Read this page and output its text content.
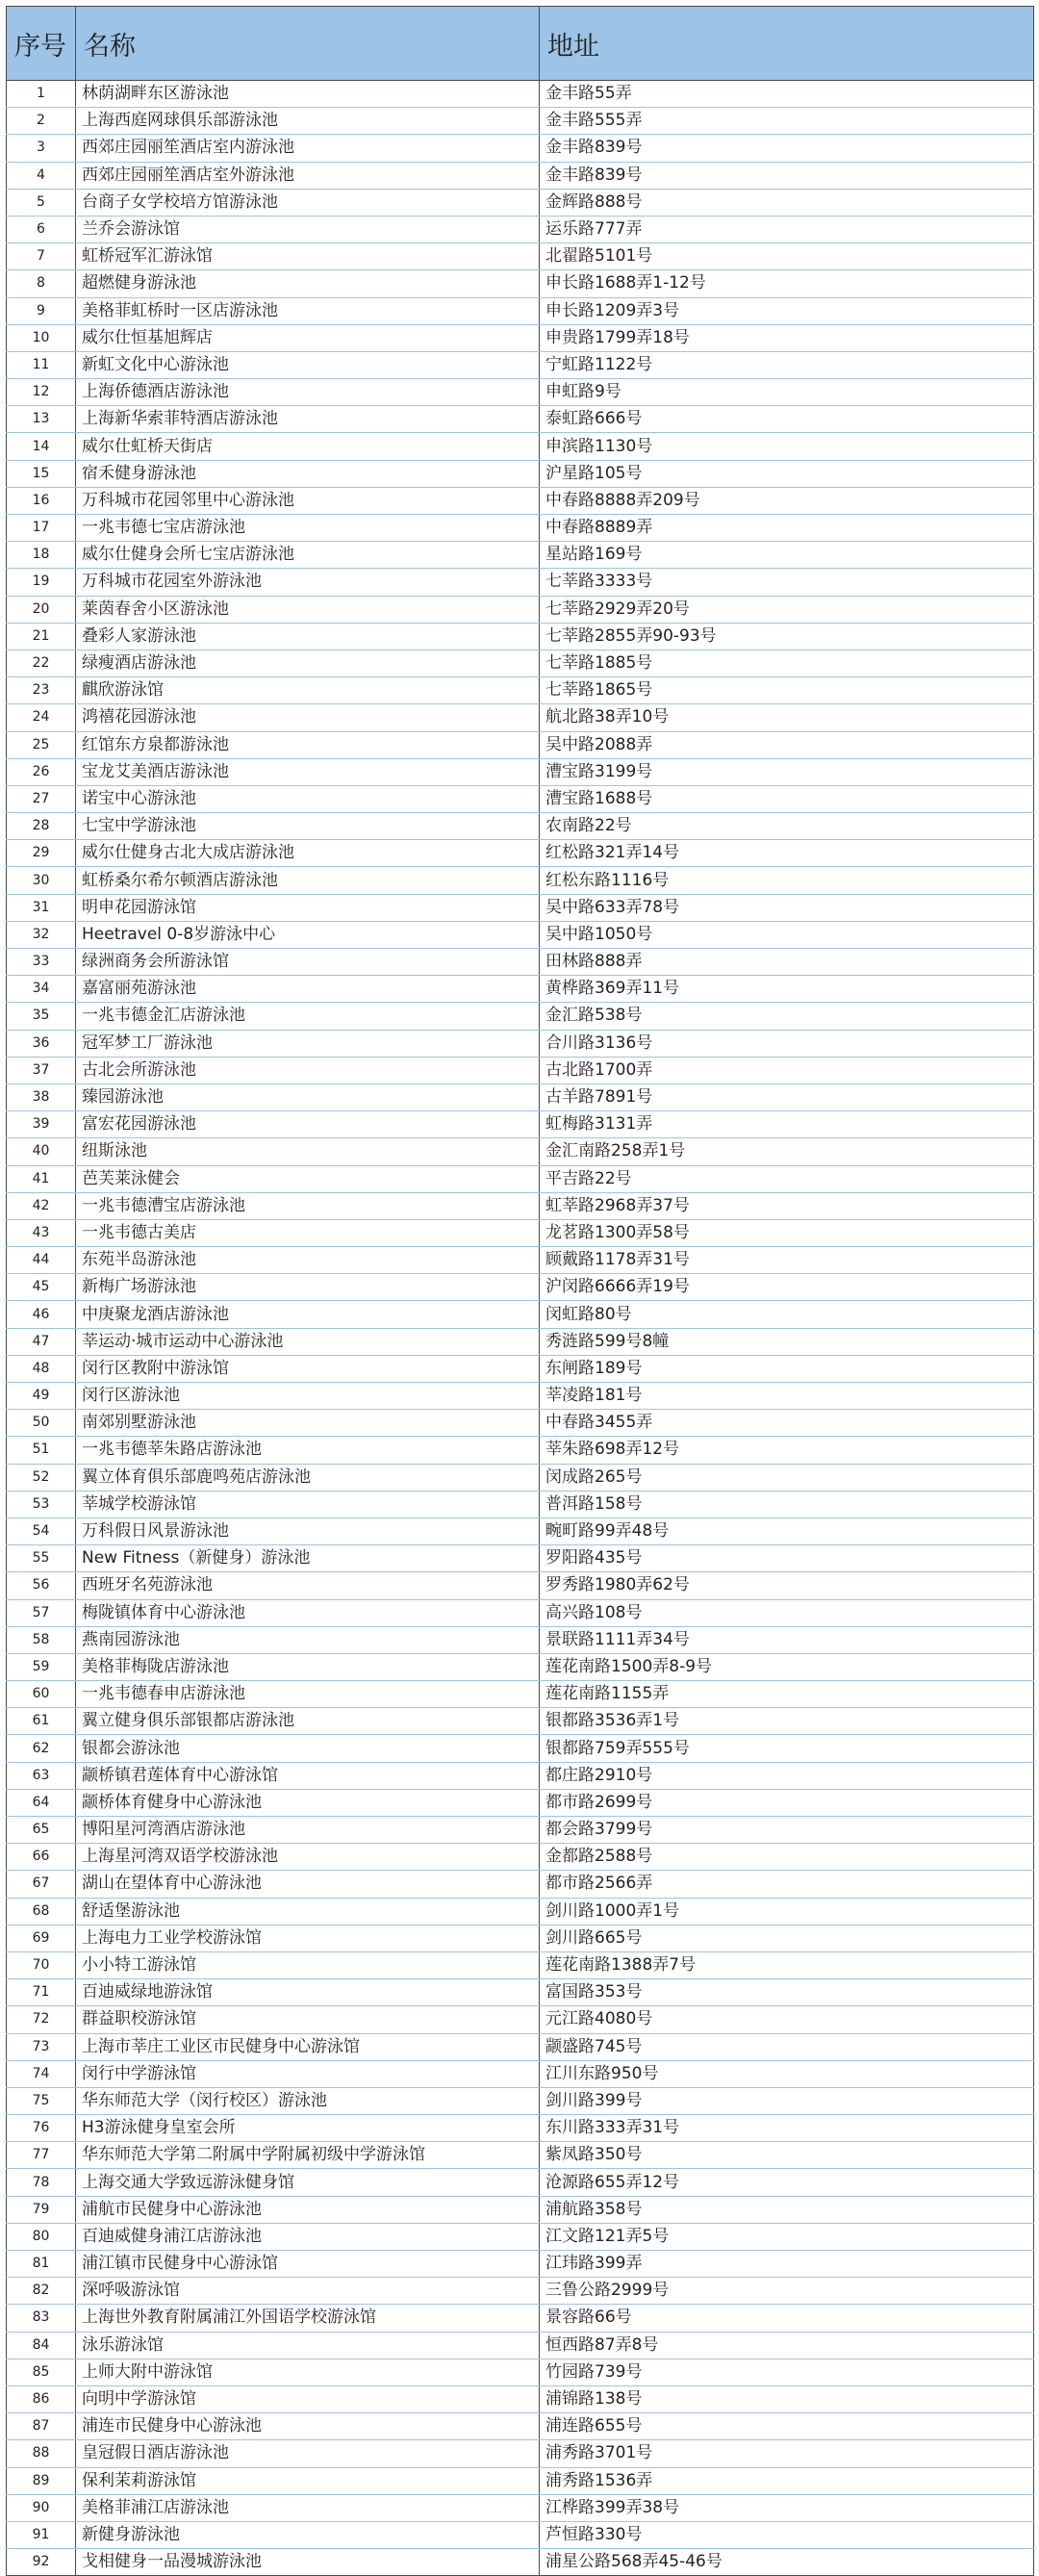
序号	名称	地址
1	林荫湖畔东区游泳池	金丰路55弄
2	上海西庭网球俱乐部游泳池	金丰路555弄
3	西郊庄园丽笙酒店室内游泳池	金丰路839号
4	西郊庄园丽笙酒店室外游泳池	金丰路839号
5	台商子女学校培方馆游泳池	金辉路888号
6	兰乔会游泳馆	运乐路777弄
7	虹桥冠军汇游泳馆	北翟路5101号
8	超燃健身游泳池	申长路1688弄1-12号
9	美格菲虹桥时一区店游泳池	申长路1209弄3号
10	威尔仕恒基旭辉店	申贵路1799弄18号
11	新虹文化中心游泳池	宁虹路1122号
12	上海侨德酒店游泳池	申虹路9号
13	上海新华索菲特酒店游泳池	泰虹路666号
14	威尔仕虹桥天街店	申滨路1130号
15	宿禾健身游泳池	沪星路105号
16	万科城市花园邻里中心游泳池	中春路8888弄209号
17	一兆韦德七宝店游泳池	中春路8889弄
18	威尔仕健身会所七宝店游泳池	星站路169号
19	万科城市花园室外游泳池	七莘路3333号
20	莱茵春舍小区游泳池	七莘路2929弄20号
21	叠彩人家游泳池	七莘路2855弄90-93号
22	绿瘦酒店游泳池	七莘路1885号
23	麒欣游泳馆	七莘路1865号
24	鸿禧花园游泳池	航北路38弄10号
25	红馆东方泉都游泳池	吴中路2088弄
26	宝龙艾美酒店游泳池	漕宝路3199号
27	诺宝中心游泳池	漕宝路1688号
28	七宝中学游泳池	农南路22号
29	威尔仕健身古北大成店游泳池	红松路321弄14号
30	虹桥桑尔希尔顿酒店游泳池	红松东路1116号
31	明申花园游泳馆	吴中路633弄78号
32	Heetravel 0-8岁游泳中心	吴中路1050号
33	绿洲商务会所游泳馆	田林路888弄
34	嘉富丽苑游泳池	黄桦路369弄11号
35	一兆韦德金汇店游泳池	金汇路538号
36	冠军梦工厂游泳池	合川路3136号
37	古北会所游泳池	古北路1700弄
38	臻园游泳池	古羊路7891号
39	富宏花园游泳池	虹梅路3131弄
40	纽斯泳池	金汇南路258弄1号
41	芭芙莱泳健会	平吉路22号
42	一兆韦德漕宝店游泳池	虹莘路2968弄37号
43	一兆韦德古美店	龙茗路1300弄58号
44	东苑半岛游泳池	顾戴路1178弄31号
45	新梅广场游泳池	沪闵路6666弄19号
46	中庚聚龙酒店游泳池	闵虹路80号
47	莘运动·城市运动中心游泳池	秀涟路599号8幢
48	闵行区教附中游泳馆	东闸路189号
49	闵行区游泳池	莘凌路181号
50	南郊别墅游泳池	中春路3455弄
51	一兆韦德莘朱路店游泳池	莘朱路698弄12号
52	翼立体育俱乐部鹿鸣苑店游泳池	闵成路265号
53	莘城学校游泳馆	普洱路158号
54	万科假日风景游泳池	畹町路99弄48号
55	New Fitness（新健身）游泳池	罗阳路435号
56	西班牙名苑游泳池	罗秀路1980弄62号
57	梅陇镇体育中心游泳池	高兴路108号
58	燕南园游泳池	景联路1111弄34号
59	美格菲梅陇店游泳池	莲花南路1500弄8-9号
60	一兆韦德春申店游泳池	莲花南路1155弄
61	翼立健身俱乐部银都店游泳池	银都路3536弄1号
62	银都会游泳池	银都路759弄555号
63	颛桥镇君莲体育中心游泳馆	都庄路2910号
64	颛桥体育健身中心游泳池	都市路2699号
65	博阳星河湾酒店游泳池	都会路3799号
66	上海星河湾双语学校游泳池	金都路2588号
67	湖山在望体育中心游泳池	都市路2566弄
68	舒适堡游泳池	剑川路1000弄1号
69	上海电力工业学校游泳馆	剑川路665号
70	小小特工游泳馆	莲花南路1388弄7号
71	百迪威绿地游泳馆	富国路353号
72	群益职校游泳馆	元江路4080号
73	上海市莘庄工业区市民健身中心游泳馆	颛盛路745号
74	闵行中学游泳馆	江川东路950号
75	华东师范大学（闵行校区）游泳池	剑川路399号
76	H3游泳健身皇室会所	东川路333弄31号
77	华东师范大学第二附属中学附属初级中学游泳馆	紫凤路350号
78	上海交通大学致远游泳健身馆	沧源路655弄12号
79	浦航市民健身中心游泳池	浦航路358号
80	百迪威健身浦江店游泳池	江文路121弄5号
81	浦江镇市民健身中心游泳馆	江玮路399弄
82	深呼吸游泳馆	三鲁公路2999号
83	上海世外教育附属浦江外国语学校游泳馆	景容路66号
84	泳乐游泳馆	恒西路87弄8号
85	上师大附中游泳馆	竹园路739号
86	向明中学游泳馆	浦锦路138号
87	浦连市民健身中心游泳池	浦连路655号
88	皇冠假日酒店游泳池	浦秀路3701号
89	保利茉莉游泳馆	浦秀路1536弄
90	美格菲浦江店游泳池	江桦路399弄38号
91	新健身游泳池	芦恒路330号
92	戈相健身一品漫城游泳池	浦星公路568弄45-46号
